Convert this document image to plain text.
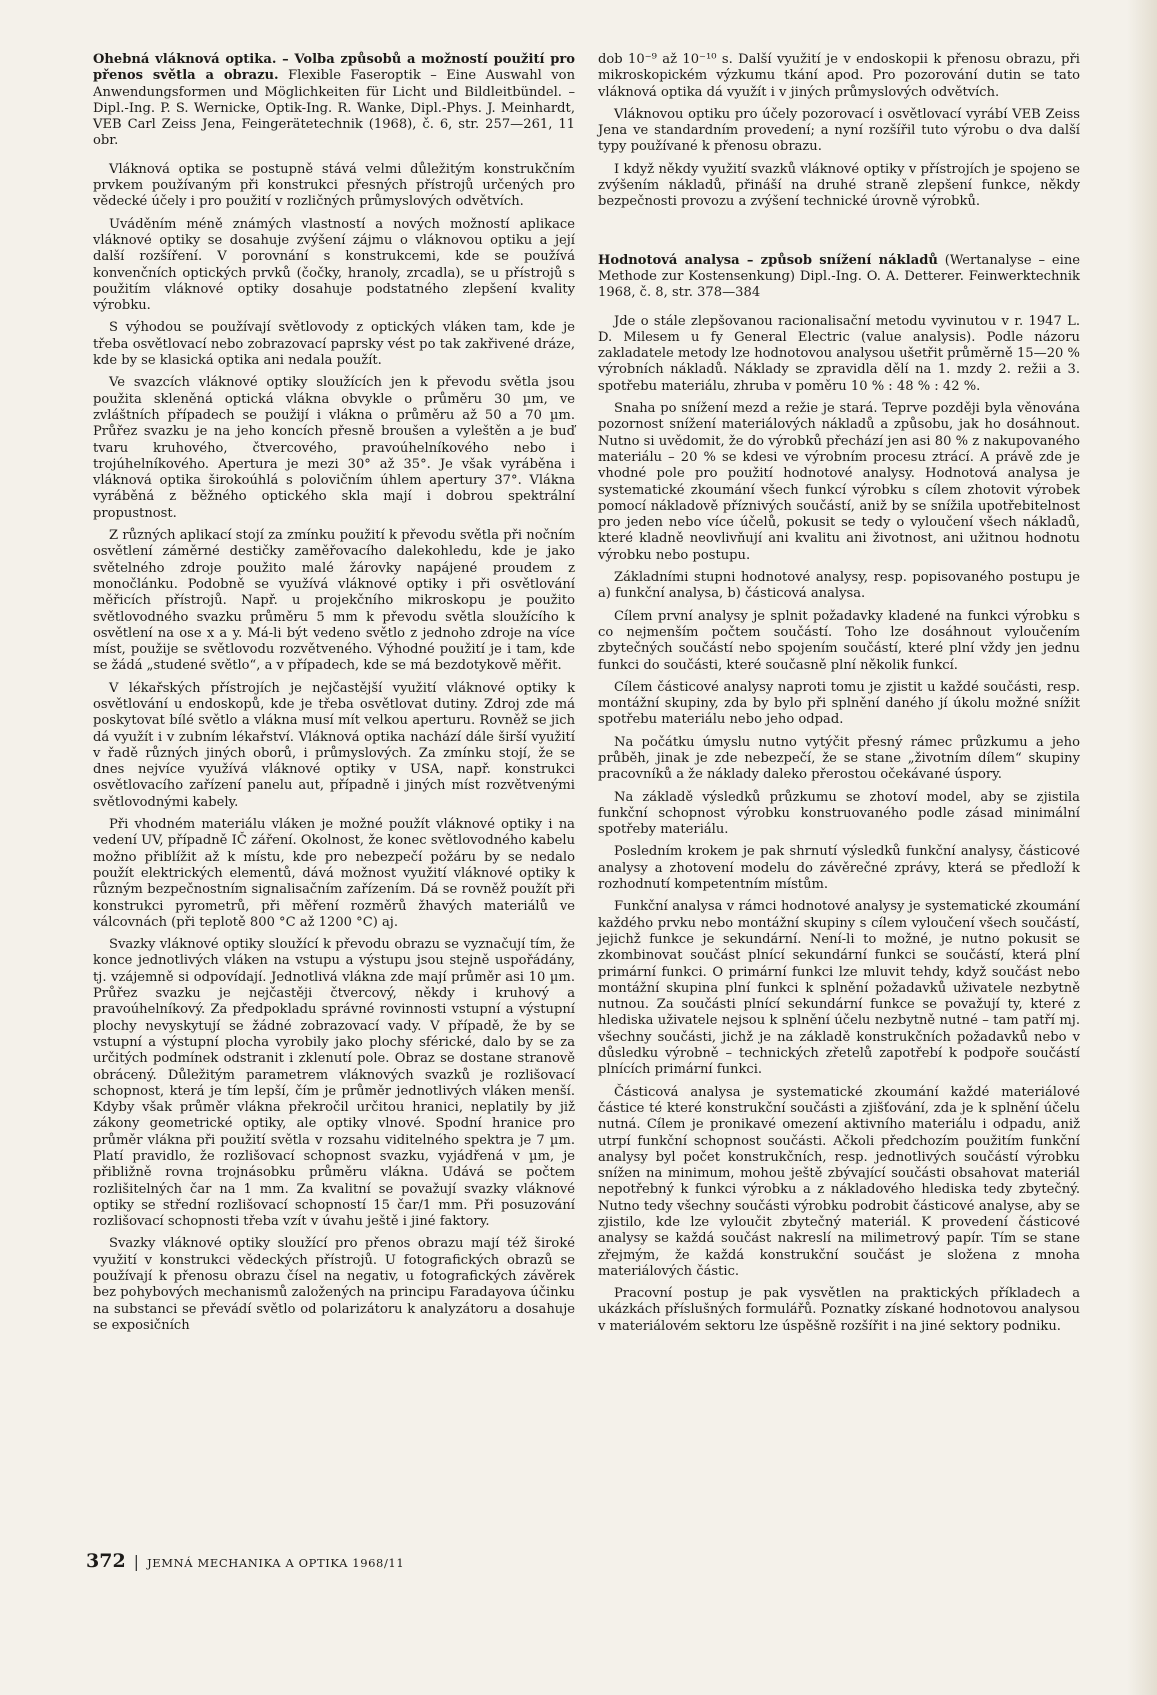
Ohebná vláknová optika. – Volba způsobů a možností použití pro přenos světla a obrazu. Flexible Faseroptik – Eine Auswahl von Anwendungsformen und Möglichkeiten für Licht und Bildleitbündel. – Dipl.-Ing. P. S. Wernicke, Optik-Ing. R. Wanke, Dipl.-Phys. J. Meinhardt, VEB Carl Zeiss Jena, Feingerätetechnik (1968), č. 6, str. 257—261, 11 obr.

Vláknová optika se postupně stává velmi důležitým konstrukčním prvkem používaným při konstrukci přesných přístrojů určených pro vědecké účely i pro použití v rozličných průmyslových odvětvích.

Uváděním méně známých vlastností a nových možností aplikace vláknové optiky se dosahuje zvýšení zájmu o vláknovou optiku a její další rozšíření. V porovnání s konstrukcemi, kde se používá konvenčních optických prvků (čočky, hranoly, zrcadla), se u přístrojů s použitím vláknové optiky dosahuje podstatného zlepšení kvality výrobku.

S výhodou se používají světlovody z optických vláken tam, kde je třeba osvětlovací nebo zobrazovací paprsky vést po tak zakřivené dráze, kde by se klasická optika ani nedala použít.

Ve svazcích vláknové optiky sloužících jen k převodu světla jsou použita skleněná optická vlákna obvykle o průměru 30 µm, ve zvláštních případech se použijí i vlákna o průměru až 50 a 70 µm. Průřez svazku je na jeho koncích přesně broušen a vyleštěn a je buď tvaru kruhového, čtvercového, pravoúhelníkového nebo i trojúhelníkového. Apertura je mezi 30° až 35°. Je však vyráběna i vláknová optika širokoúhlá s polovičním úhlem apertury 37°. Vlákna vyráběná z běžného optického skla mají i dobrou spektrální propustnost.

Z různých aplikací stojí za zmínku použití k převodu světla při nočním osvětlení záměrné destičky zaměřovacího dalekohledu, kde je jako světelného zdroje použito malé žárovky napájené proudem z monočlánku. Podobně se využívá vláknové optiky i při osvětlování měřicích přístrojů. Např. u projekčního mikroskopu je použito světlovodného svazku průměru 5 mm k převodu světla sloužícího k osvětlení na ose x a y. Má-li být vedeno světlo z jednoho zdroje na více míst, použije se světlovodu rozvětveného. Výhodné použití je i tam, kde se žádá „studené světlo“, a v případech, kde se má bezdotykově měřit.

V lékařských přístrojích je nejčastější využití vláknové optiky k osvětlování u endoskopů, kde je třeba osvětlovat dutiny. Zdroj zde má poskytovat bílé světlo a vlákna musí mít velkou aperturu. Rovněž se jich dá využít i v zubním lékařství. Vláknová optika nachází dále širší využití v řadě různých jiných oborů, i průmyslových. Za zmínku stojí, že se dnes nejvíce využívá vláknové optiky v USA, např. konstrukci osvětlovacího zařízení panelu aut, případně i jiných míst rozvětvenými světlovodnými kabely.

Při vhodném materiálu vláken je možné použít vláknové optiky i na vedení UV, případně IČ záření. Okolnost, že konec světlovodného kabelu možno přiblížit až k místu, kde pro nebezpečí požáru by se nedalo použít elektrických elementů, dává možnost využití vláknové optiky k různým bezpečnostním signalisačním zařízením. Dá se rovněž použít při konstrukci pyrometrů, při měření rozměrů žhavých materiálů ve válcovnách (při teplotě 800 °C až 1200 °C) aj.

Svazky vláknové optiky sloužící k převodu obrazu se vyznačují tím, že konce jednotlivých vláken na vstupu a výstupu jsou stejně uspořádány, tj. vzájemně si odpovídají. Jednotlivá vlákna zde mají průměr asi 10 µm. Průřez svazku je nejčastěji čtvercový, někdy i kruhový a pravoúhelníkový. Za předpokladu správné rovinnosti vstupní a výstupní plochy nevyskytují se žádné zobrazovací vady. V případě, že by se vstupní a výstupní plocha vyrobily jako plochy sférické, dalo by se za určitých podmínek odstranit i zklenutí pole. Obraz se dostane stranově obrácený. Důležitým parametrem vláknových svazků je rozlišovací schopnost, která je tím lepší, čím je průměr jednotlivých vláken menší. Kdyby však průměr vlákna překročil určitou hranici, neplatily by již zákony geometrické optiky, ale optiky vlnové. Spodní hranice pro průměr vlákna při použití světla v rozsahu viditelného spektra je 7 µm. Platí pravidlo, že rozlišovací schopnost svazku, vyjádřená v µm, je přibližně rovna trojnásobku průměru vlákna. Udává se počtem rozlišitelných čar na 1 mm. Za kvalitní se považují svazky vláknové optiky se střední rozlišovací schopností 15 čar/1 mm. Při posuzování rozlišovací schopnosti třeba vzít v úvahu ještě i jiné faktory.

Svazky vláknové optiky sloužící pro přenos obrazu mají též široké využití v konstrukci vědeckých přístrojů. U fotografických obrazů se používají k přenosu obrazu čísel na negativ, u fotografických závěrek bez pohybových mechanismů založených na principu Faradayova účinku na substanci se převádí světlo od polarizátoru k analyzátoru a dosahuje se exposičních

dob 10⁻⁹ až 10⁻¹⁰ s. Další využití je v endoskopii k přenosu obrazu, při mikroskopickém výzkumu tkání apod. Pro pozorování dutin se tato vláknová optika dá využít i v jiných průmyslových odvětvích.

Vláknovou optiku pro účely pozorovací i osvětlovací vyrábí VEB Zeiss Jena ve standardním provedení; a nyní rozšířil tuto výrobu o dva další typy používané k přenosu obrazu.

I když někdy využití svazků vláknové optiky v přístrojích je spojeno se zvýšením nákladů, přináší na druhé straně zlepšení funkce, někdy bezpečnosti provozu a zvýšení technické úrovně výrobků.

Hodnotová analysa – způsob snížení nákladů (Wertanalyse – eine Methode zur Kostensenkung) Dipl.-Ing. O. A. Detterer. Feinwerktechnik 1968, č. 8, str. 378—384

Jde o stále zlepšovanou racionalisační metodu vyvinutou v r. 1947 L. D. Milesem u fy General Electric (value analysis). Podle názoru zakladatele metody lze hodnotovou analysou ušetřit průměrně 15—20 % výrobních nákladů. Náklady se zpravidla dělí na 1. mzdy 2. režii a 3. spotřebu materiálu, zhruba v poměru 10 % : 48 % : 42 %.

Snaha po snížení mezd a režie je stará. Teprve později byla věnována pozornost snížení materiálových nákladů a způsobu, jak ho dosáhnout. Nutno si uvědomit, že do výrobků přechází jen asi 80 % z nakupovaného materiálu – 20 % se kdesi ve výrobním procesu ztrácí. A právě zde je vhodné pole pro použití hodnotové analysy. Hodnotová analysa je systematické zkoumání všech funkcí výrobku s cílem zhotovit výrobek pomocí nákladově příznivých součástí, aniž by se snížila upotřebitelnost pro jeden nebo více účelů, pokusit se tedy o vyloučení všech nákladů, které kladně neovlivňují ani kvalitu ani životnost, ani užitnou hodnotu výrobku nebo postupu.

Základními stupni hodnotové analysy, resp. popisovaného postupu je a) funkční analysa, b) částicová analysa.

Cílem první analysy je splnit požadavky kladené na funkci výrobku s co nejmenším počtem součástí. Toho lze dosáhnout vyloučením zbytečných součástí nebo spojením součástí, které plní vždy jen jednu funkci do součásti, které současně plní několik funkcí.

Cílem částicové analysy naproti tomu je zjistit u každé součásti, resp. montážní skupiny, zda by bylo při splnění daného jí úkolu možné snížit spotřebu materiálu nebo jeho odpad.

Na počátku úmyslu nutno vytýčit přesný rámec průzkumu a jeho průběh, jinak je zde nebezpečí, že se stane „životním dílem“ skupiny pracovníků a že náklady daleko přerostou očekávané úspory.

Na základě výsledků průzkumu se zhotoví model, aby se zjistila funkční schopnost výrobku konstruovaného podle zásad minimální spotřeby materiálu.

Posledním krokem je pak shrnutí výsledků funkční analysy, částicové analysy a zhotovení modelu do závěrečné zprávy, která se předloží k rozhodnutí kompetentním místům.

Funkční analysa v rámci hodnotové analysy je systematické zkoumání každého prvku nebo montážní skupiny s cílem vyloučení všech součástí, jejichž funkce je sekundární. Není-li to možné, je nutno pokusit se zkombinovat součást plnící sekundární funkci se součástí, která plní primární funkci. O primární funkci lze mluvit tehdy, když součást nebo montážní skupina plní funkci k splnění požadavků uživatele nezbytně nutnou. Za součásti plnící sekundární funkce se považují ty, které z hlediska uživatele nejsou k splnění účelu nezbytně nutné – tam patří mj. všechny součásti, jichž je na základě konstrukčních požadavků nebo v důsledku výrobně – technických zřetelů zapotřebí k podpoře součástí plnících primární funkci.

Částicová analysa je systematické zkoumání každé materiálové částice té které konstrukční součásti a zjišťování, zda je k splnění účelu nutná. Cílem je pronikavé omezení aktivního materiálu i odpadu, aniž utrpí funkční schopnost součásti. Ačkoli předchozím použitím funkční analysy byl počet konstrukčních, resp. jednotlivých součástí výrobku snížen na minimum, mohou ještě zbývající součásti obsahovat materiál nepotřebný k funkci výrobku a z nákladového hlediska tedy zbytečný. Nutno tedy všechny součásti výrobku podrobit částicové analyse, aby se zjistilo, kde lze vyloučit zbytečný materiál. K provedení částicové analysy se každá součást nakreslí na milimetrový papír. Tím se stane zřejmým, že každá konstrukční součást je složena z mnoha materiálových částic.

Pracovní postup je pak vysvětlen na praktických příkladech a ukázkách příslušných formulářů. Poznatky získané hodnotovou analysou v materiálovém sektoru lze úspěšně rozšířit i na jiné sektory podniku.

372 | JEMNÁ MECHANIKA A OPTIKA 1968/11
